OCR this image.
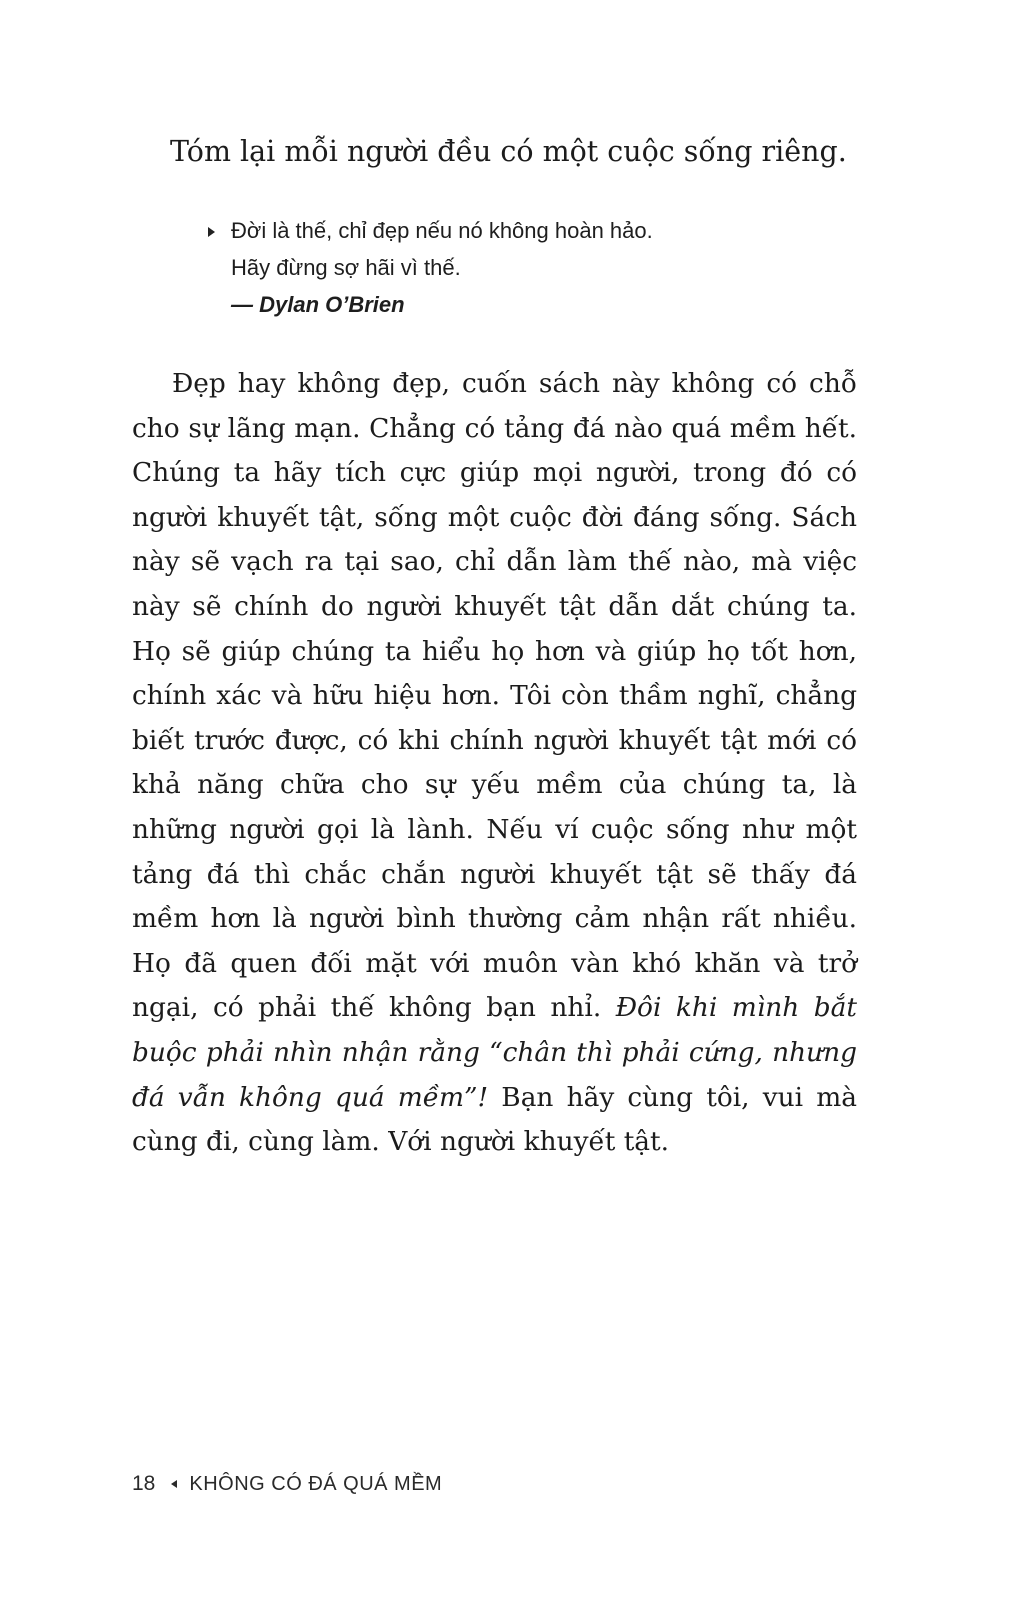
Tóm lại mỗi người đều có một cuộc sống riêng.

Đời là thế, chỉ đẹp nếu nó không hoàn hảo.
Hãy đừng sợ hãi vì thế.
— Dylan O’Brien

Đẹp hay không đẹp, cuốn sách này không có chỗ cho sự lãng mạn. Chẳng có tảng đá nào quá mềm hết. Chúng ta hãy tích cực giúp mọi người, trong đó có người khuyết tật, sống một cuộc đời đáng sống. Sách này sẽ vạch ra tại sao, chỉ dẫn làm thế nào, mà việc này sẽ chính do người khuyết tật dẫn dắt chúng ta. Họ sẽ giúp chúng ta hiểu họ hơn và giúp họ tốt hơn, chính xác và hữu hiệu hơn. Tôi còn thầm nghĩ, chẳng biết trước được, có khi chính người khuyết tật mới có khả năng chữa cho sự yếu mềm của chúng ta, là những người gọi là lành. Nếu ví cuộc sống như một tảng đá thì chắc chắn người khuyết tật sẽ thấy đá mềm hơn là người bình thường cảm nhận rất nhiều. Họ đã quen đối mặt với muôn vàn khó khăn và trở ngại, có phải thế không bạn nhỉ. Đôi khi mình bắt buộc phải nhìn nhận rằng “chân thì phải cứng, nhưng đá vẫn không quá mềm”! Bạn hãy cùng tôi, vui mà cùng đi, cùng làm. Với người khuyết tật.

18 KHÔNG CÓ ĐÁ QUÁ MỀM
